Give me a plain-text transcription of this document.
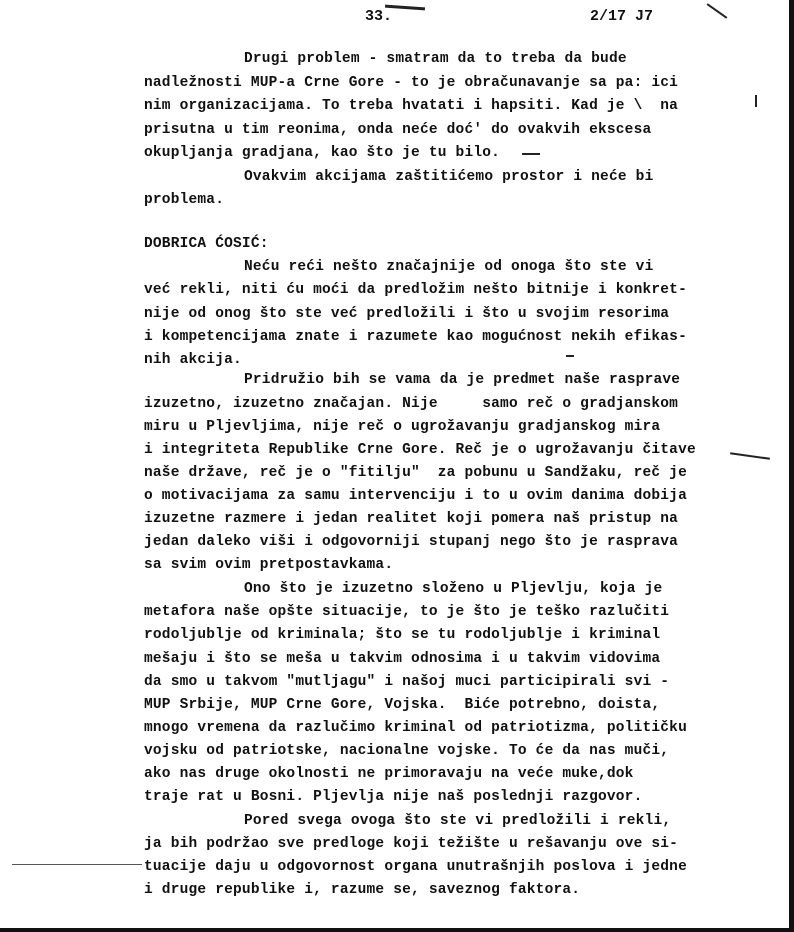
33.	2/17 J7
Drugi problem - smatram da to treba da bude
nadležnosti MUP-a Crne Gore - to je obračunavanje sa pa: ici
nim organizacijama. To treba hvatati i hapsiti. Kad je \  na
prisutna u tim reonima, onda neće doć' do ovakvih ekscesa
okupljanja gradjana, kao što je tu bilo.
Ovakvim akcijama zaštitićemo prostor i neće bi
problema.
DOBRICA ĆOSIĆ:
Neću reći nešto značajnije od onoga što ste vi
već rekli, niti ću moći da predložim nešto bitnije i konkret-
nije od onog što ste već predložili i što u svojim resorima
i kompetencijama znate i razumete kao mogućnost nekih efikas-
nih akcija.
Pridružio bih se vama da je predmet naše rasprave
izuzetno, izuzetno značajan. Nije     samo reč o gradjanskom
miru u Pljevljima, nije reč o ugrožavanju gradjanskog mira
i integriteta Republike Crne Gore. Reč je o ugrožavanju čitave
naše države, reč je o "fitilju"  za pobunu u Sandžaku, reč je
o motivacijama za samu intervenciju i to u ovim danima dobija
izuzetne razmere i jedan realitet koji pomera naš pristup na
jedan daleko viši i odgovorniji stupanj nego što je rasprava
sa svim ovim pretpostavkama.
Ono što je izuzetno složeno u Pljevlju, koja je
metafora naše opšte situacije, to je što je teško razlučiti
rodoljublje od kriminala; što se tu rodoljublje i kriminal
mešaju i što se meša u takvim odnosima i u takvim vidovima
da smo u takvom "mutljagu" i našoj muci participirali svi -
MUP Srbije, MUP Crne Gore, Vojska.  Biće potrebno, doista,
mnogo vremena da razlučimo kriminal od patriotizma, političku
vojsku od patriotske, nacionalne vojske. To će da nas muči,
ako nas druge okolnosti ne primoravaju na veće muke,dok
traje rat u Bosni. Pljevlja nije naš poslednji razgovor.
Pored svega ovoga što ste vi predložili i rekli,
ja bih podržao sve predloge koji težište u rešavanju ove si-
tuacije daju u odgovornost organa unutrašnjih poslova i jedne
i druge republike i, razume se, saveznog faktora.
